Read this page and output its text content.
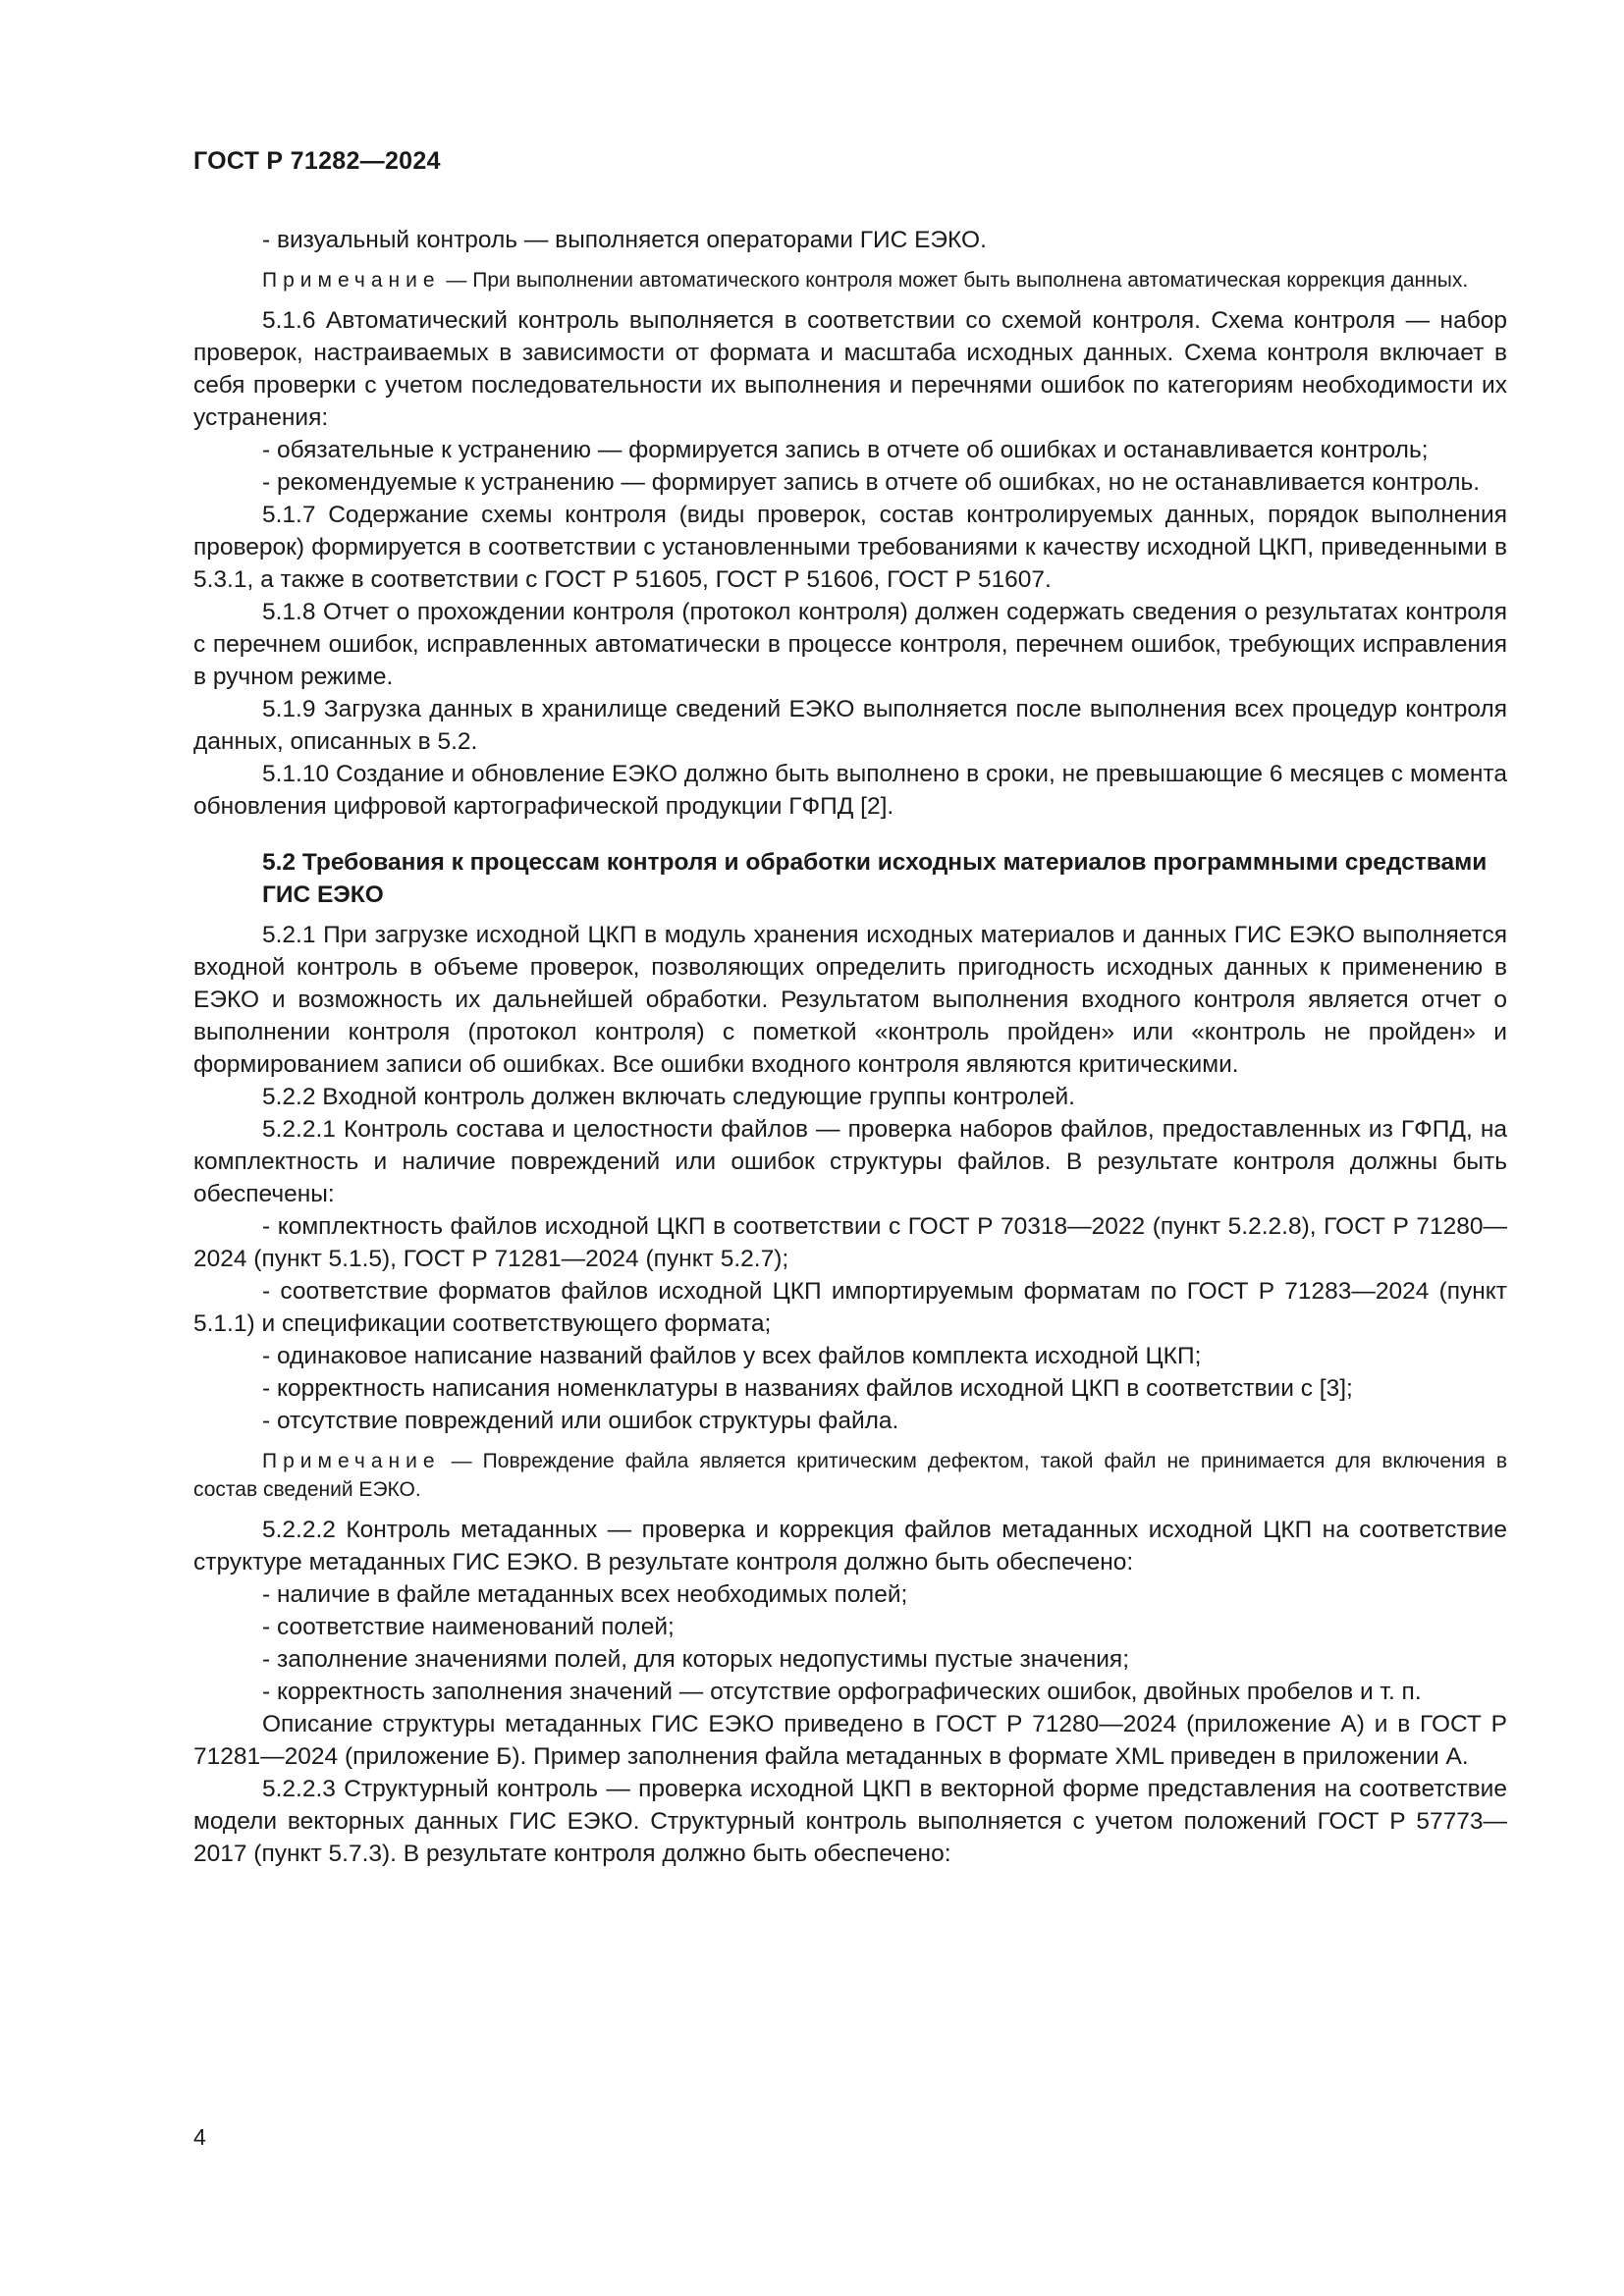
ГОСТ Р 71282—2024

- визуальный контроль — выполняется операторами ГИС ЕЭКО.

Примечание — При выполнении автоматического контроля может быть выполнена автоматическая коррекция данных.

5.1.6 Автоматический контроль выполняется в соответствии со схемой контроля. Схема контроля — набор проверок, настраиваемых в зависимости от формата и масштаба исходных данных. Схема контроля включает в себя проверки с учетом последовательности их выполнения и перечнями ошибок по категориям необходимости их устранения:

- обязательные к устранению — формируется запись в отчете об ошибках и останавливается контроль;

- рекомендуемые к устранению — формирует запись в отчете об ошибках, но не останавливается контроль.

5.1.7 Содержание схемы контроля (виды проверок, состав контролируемых данных, порядок выполнения проверок) формируется в соответствии с установленными требованиями к качеству исходной ЦКП, приведенными в 5.3.1, а также в соответствии с ГОСТ Р 51605, ГОСТ Р 51606, ГОСТ Р 51607.

5.1.8 Отчет о прохождении контроля (протокол контроля) должен содержать сведения о результатах контроля с перечнем ошибок, исправленных автоматически в процессе контроля, перечнем ошибок, требующих исправления в ручном режиме.

5.1.9 Загрузка данных в хранилище сведений ЕЭКО выполняется после выполнения всех процедур контроля данных, описанных в 5.2.

5.1.10 Создание и обновление ЕЭКО должно быть выполнено в сроки, не превышающие 6 месяцев с момента обновления цифровой картографической продукции ГФПД [2].

5.2 Требования к процессам контроля и обработки исходных материалов программными средствами ГИС ЕЭКО

5.2.1 При загрузке исходной ЦКП в модуль хранения исходных материалов и данных ГИС ЕЭКО выполняется входной контроль в объеме проверок, позволяющих определить пригодность исходных данных к применению в ЕЭКО и возможность их дальнейшей обработки. Результатом выполнения входного контроля является отчет о выполнении контроля (протокол контроля) с пометкой «контроль пройден» или «контроль не пройден» и формированием записи об ошибках. Все ошибки входного контроля являются критическими.

5.2.2 Входной контроль должен включать следующие группы контролей.

5.2.2.1 Контроль состава и целостности файлов — проверка наборов файлов, предоставленных из ГФПД, на комплектность и наличие повреждений или ошибок структуры файлов. В результате контроля должны быть обеспечены:

- комплектность файлов исходной ЦКП в соответствии с ГОСТ Р 70318—2022 (пункт 5.2.2.8), ГОСТ Р 71280—2024 (пункт 5.1.5), ГОСТ Р 71281—2024 (пункт 5.2.7);

- соответствие форматов файлов исходной ЦКП импортируемым форматам по ГОСТ Р 71283—2024 (пункт 5.1.1) и спецификации соответствующего формата;

- одинаковое написание названий файлов у всех файлов комплекта исходной ЦКП;

- корректность написания номенклатуры в названиях файлов исходной ЦКП в соответствии с [3];

- отсутствие повреждений или ошибок структуры файла.

Примечание — Повреждение файла является критическим дефектом, такой файл не принимается для включения в состав сведений ЕЭКО.

5.2.2.2 Контроль метаданных — проверка и коррекция файлов метаданных исходной ЦКП на соответствие структуре метаданных ГИС ЕЭКО. В результате контроля должно быть обеспечено:

- наличие в файле метаданных всех необходимых полей;

- соответствие наименований полей;

- заполнение значениями полей, для которых недопустимы пустые значения;

- корректность заполнения значений — отсутствие орфографических ошибок, двойных пробелов и т. п.

Описание структуры метаданных ГИС ЕЭКО приведено в ГОСТ Р 71280—2024 (приложение А) и в ГОСТ Р 71281—2024 (приложение Б). Пример заполнения файла метаданных в формате XML приведен в приложении А.

5.2.2.3 Структурный контроль — проверка исходной ЦКП в векторной форме представления на соответствие модели векторных данных ГИС ЕЭКО. Структурный контроль выполняется с учетом положений ГОСТ Р 57773—2017 (пункт 5.7.3). В результате контроля должно быть обеспечено:

4
